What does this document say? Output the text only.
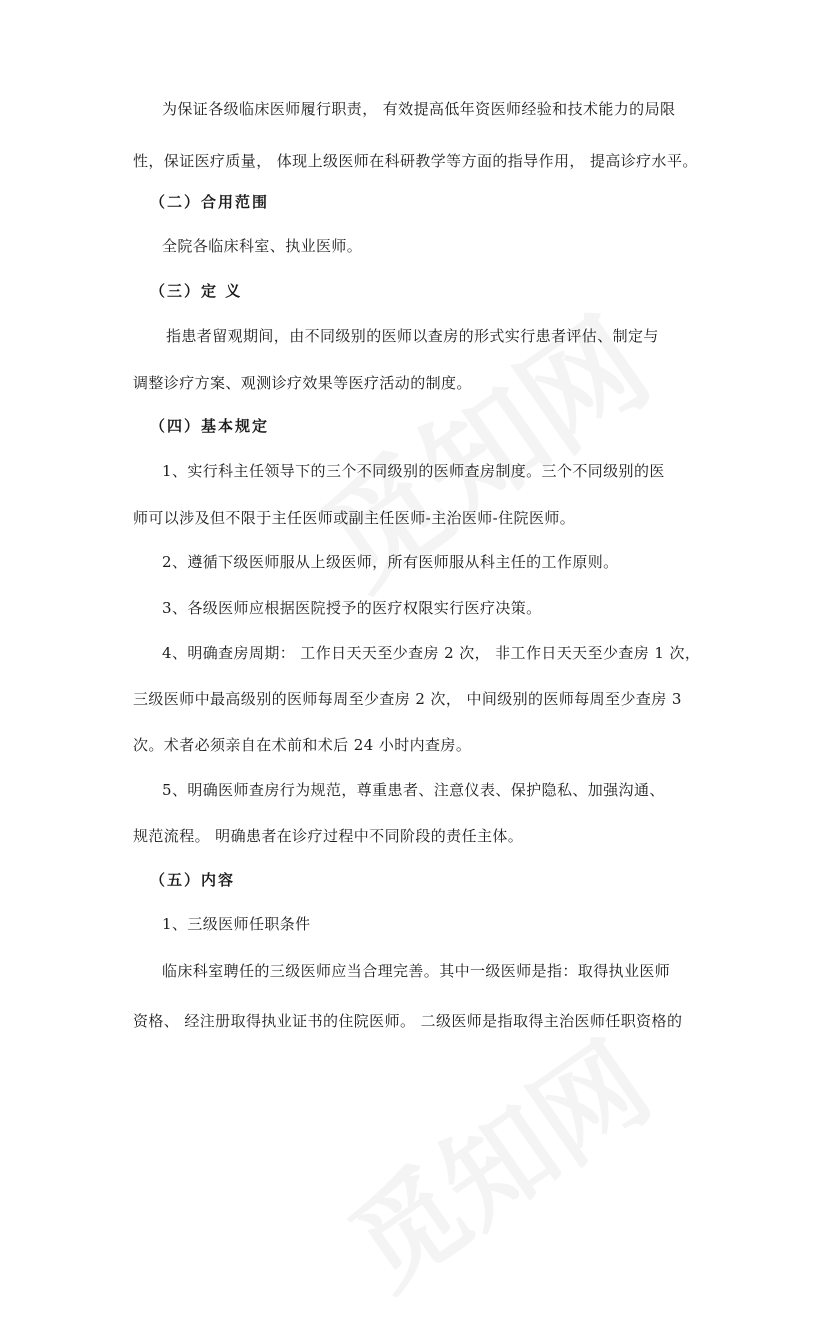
为保证各级临床医师履行职责， 有效提高低年资医师经验和技术能力的局限
性，保证医疗质量， 体现上级医师在科研教学等方面的指导作用， 提高诊疗水平。
（二）合用范围
全院各临床科室、执业医师。
（三）定 义
指患者留观期间，由不同级别的医师以查房的形式实行患者评估、制定与
调整诊疗方案、观测诊疗效果等医疗活动的制度。
（四）基本规定
1、实行科主任领导下的三个不同级别的医师查房制度。三个不同级别的医
师可以涉及但不限于主任医师或副主任医师-主治医师-住院医师。
2、遵循下级医师服从上级医师，所有医师服从科主任的工作原则。
3、各级医师应根据医院授予的医疗权限实行医疗决策。
4、明确查房周期： 工作日天天至少查房 2 次， 非工作日天天至少查房 1 次，
三级医师中最高级别的医师每周至少查房 2 次， 中间级别的医师每周至少查房 3
次。术者必须亲自在术前和术后 24 小时内查房。
5、明确医师查房行为规范，尊重患者、注意仪表、保护隐私、加强沟通、
规范流程。 明确患者在诊疗过程中不同阶段的责任主体。
（五）内容
1、三级医师任职条件
临床科室聘任的三级医师应当合理完善。其中一级医师是指：取得执业医师
资格、 经注册取得执业证书的住院医师。 二级医师是指取得主治医师任职资格的
